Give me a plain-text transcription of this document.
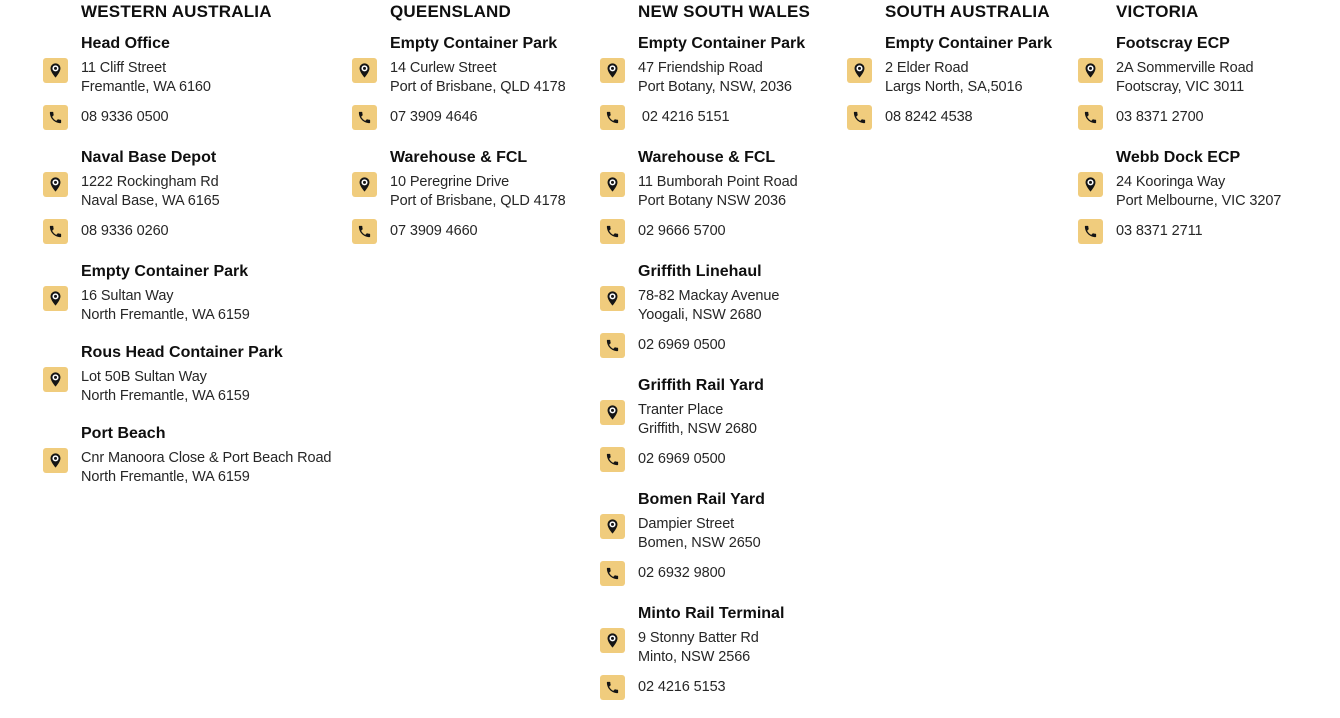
WESTERN AUSTRALIA
Head Office
11 Cliff Street
Fremantle, WA 6160
08 9336 0500
Naval Base Depot
1222 Rockingham Rd
Naval Base, WA 6165
08 9336 0260
Empty Container Park
16 Sultan Way
North Fremantle, WA 6159
Rous Head Container Park
Lot 50B Sultan Way
North Fremantle, WA 6159
Port Beach
Cnr Manoora Close & Port Beach Road
North Fremantle, WA 6159
QUEENSLAND
Empty Container Park
14 Curlew Street
Port of Brisbane, QLD 4178
07 3909 4646
Warehouse & FCL
10 Peregrine Drive
Port of Brisbane, QLD 4178
07 3909 4660
NEW SOUTH WALES
Empty Container Park
47 Friendship Road
Port Botany, NSW, 2036
02 4216 5151
Warehouse & FCL
11 Bumborah Point Road
Port Botany NSW 2036
02 9666 5700
Griffith Linehaul
78-82 Mackay Avenue
Yoogali, NSW 2680
02 6969 0500
Griffith Rail Yard
Tranter Place
Griffith, NSW 2680
02 6969 0500
Bomen Rail Yard
Dampier Street
Bomen, NSW 2650
02 6932 9800
Minto Rail Terminal
9 Stonny Batter Rd
Minto, NSW 2566
02 4216 5153
SOUTH AUSTRALIA
Empty Container Park
2 Elder Road
Largs North, SA,5016
08 8242 4538
VICTORIA
Footscray ECP
2A Sommerville Road
Footscray, VIC 3011
03 8371 2700
Webb Dock ECP
24 Kooringa Way
Port Melbourne, VIC 3207
03 8371 2711
